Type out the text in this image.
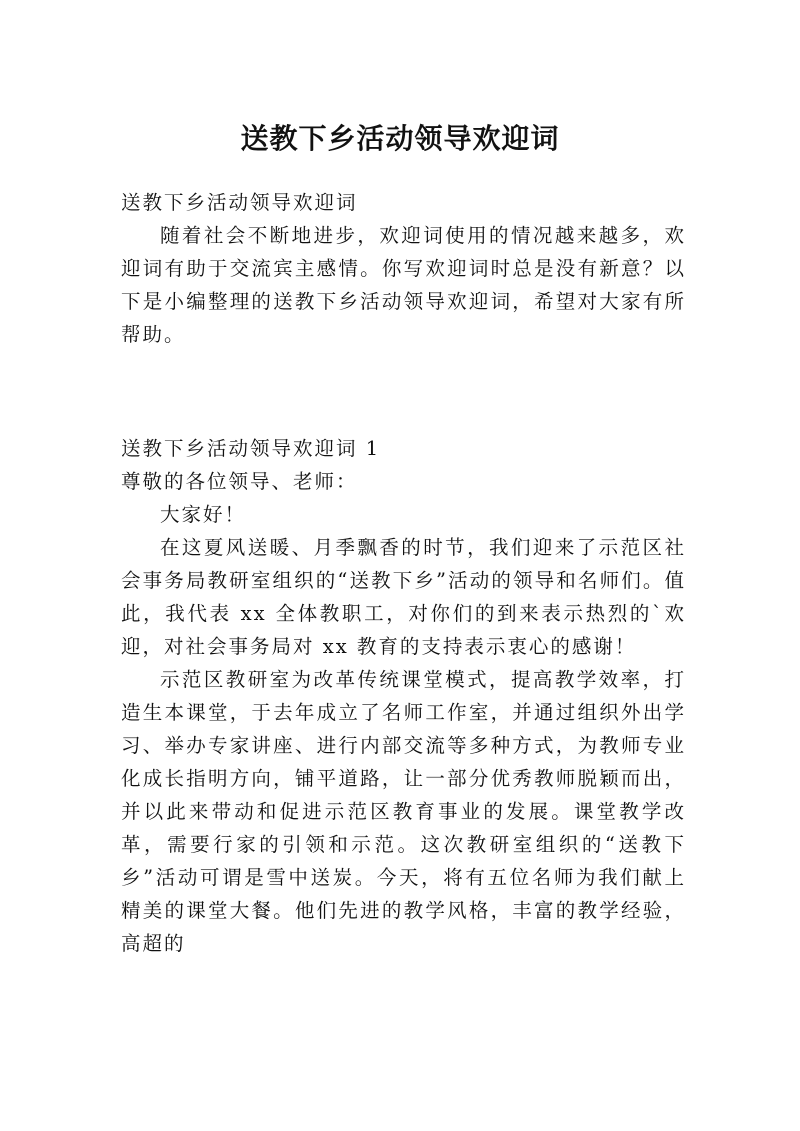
送教下乡活动领导欢迎词

送教下乡活动领导欢迎词

随着社会不断地进步，欢迎词使用的情况越来越多，欢迎词有助于交流宾主感情。你写欢迎词时总是没有新意？以下是小编整理的送教下乡活动领导欢迎词，希望对大家有所帮助。

送教下乡活动领导欢迎词 1

尊敬的各位领导、老师：

大家好！

在这夏风送暖、月季飘香的时节，我们迎来了示范区社会事务局教研室组织的“送教下乡”活动的领导和名师们。值此，我代表 xx 全体教职工，对你们的到来表示热烈的`欢迎，对社会事务局对 xx 教育的支持表示衷心的感谢！

示范区教研室为改革传统课堂模式，提高教学效率，打造生本课堂，于去年成立了名师工作室，并通过组织外出学习、举办专家讲座、进行内部交流等多种方式，为教师专业化成长指明方向，铺平道路，让一部分优秀教师脱颖而出，并以此来带动和促进示范区教育事业的发展。课堂教学改革，需要行家的引领和示范。这次教研室组织的“送教下乡”活动可谓是雪中送炭。今天，将有五位名师为我们献上精美的课堂大餐。他们先进的教学风格，丰富的教学经验，高超的
